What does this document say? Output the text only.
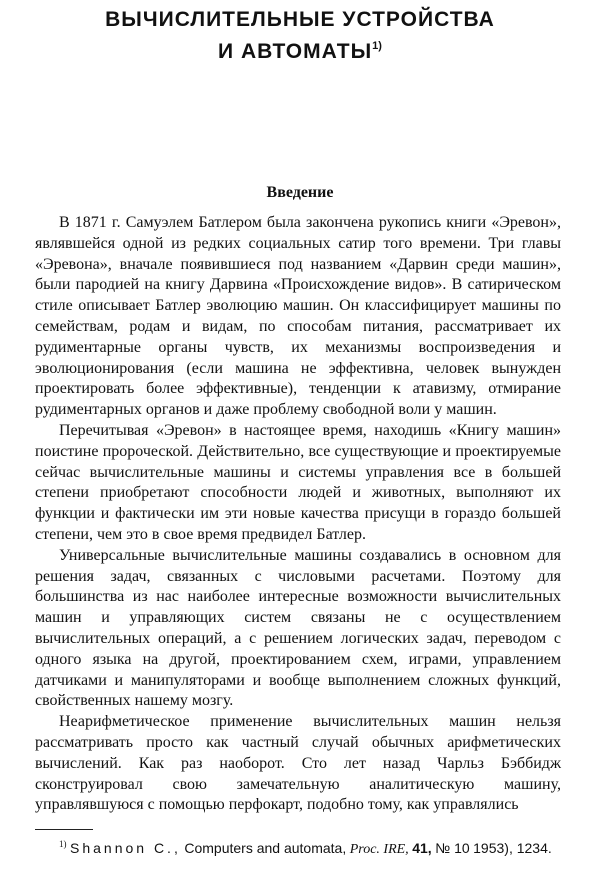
ВЫЧИСЛИТЕЛЬНЫЕ УСТРОЙСТВА
И АВТОМАТЫ$^{1)}$
Введение

В 1871 г. Самуэлем Батлером была закончена рукопись книги «Эревон», являвшейся одной из редких социальных сатир того времени. Три главы «Эревона», вначале появившиеся под названием «Дарвин среди машин», были пародией на книгу Дарвина «Происхождение видов». В сатирическом стиле описывает Батлер эволюцию машин. Он классифицирует машины по семействам, родам и видам, по способам питания, рассматривает их рудиментарные органы чувств, их механизмы воспроизведения и эволюционирования (если машина не эффективна, человек вынужден проектировать более эффективные), тенденции к атавизму, отмирание рудиментарных органов и даже проблему свободной воли у машин.

Перечитывая «Эревон» в настоящее время, находишь «Книгу машин» поистине пророческой. Действительно, все существующие и проектируемые сейчас вычислительные машины и системы управления все в большей степени приобретают способности людей и животных, выполняют их функции и фактически им эти новые качества присущи в гораздо большей степени, чем это в свое время предвидел Батлер.

Универсальные вычислительные машины создавались в основном для решения задач, связанных с числовыми расчетами. Поэтому для большинства из нас наиболее интересные возможности вычислительных машин и управляющих систем связаны не с осуществлением вычислительных операций, а с решением логических задач, переводом с одного языка на другой, проектированием схем, играми, управлением датчиками и манипуляторами и вообще выполнением сложных функций, свойственных нашему мозгу.

Неарифметическое применение вычислительных машин нельзя рассматривать просто как частный случай обычных арифметических вычислений. Как раз наоборот. Сто лет назад Чарльз Бэббидж сконструировал свою замечательную аналитическую машину, управлявшуюся с помощью перфокарт, подобно тому, как управлялись

$^{1)}$ Shannon C., Computers and automata, Proc. IRE, 41, № 10 1953), 1234.
